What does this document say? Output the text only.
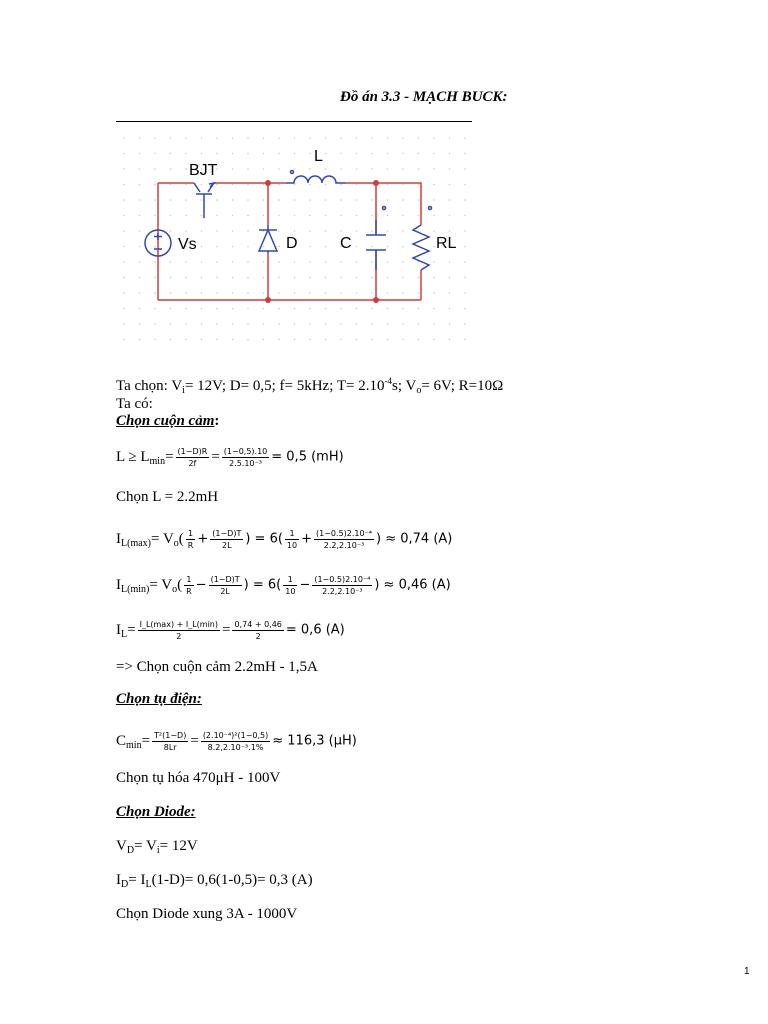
Đồ án 3.3 - MẠCH BUCK:
BJT
L
Vs	D	C	RL
Ta chọn: $V_i= 12V$; D= 0,5; f= 5kHz; $T= 2.10^{-4}s$; $V_o= 6V$; R=10Ω
Ta có:
Chọn cuộn cảm:
$L \ge L_{min}= \frac{(1-D)R}{2f} = \frac{(1-0,5).10}{\text{2.5.10⁻³}} = 0,5$ (mH)
Chọn L = 2.2mH
$I_{L(max)}= V_o( \frac{1}{R} + \frac{(1-D)T}{2L}$ ) = $6( \frac{1}{10} + \frac{\text{(1−0.5)2.10⁻⁴}}{\text{2.2,2.10⁻³}}$ ) ≈ 0,74 (A)
$I_{L(min)}= V_o( \frac{1}{R} - \frac{(1-D)T}{2L}$ ) = $6( \frac{1}{10} - \frac{\text{(1−0.5)2.10⁻⁴}}{\text{2.2,2.10⁻³}}$ ) ≈ 0,46 (A)
$I_L= \frac{I\_L(\max) + I\_L(\min)}{2} = \frac{0,74 + 0,46}{2} = 0,6$ (A)
=> Chọn cuộn cảm 2.2mH - 1,5A
Chọn tụ điện:
$C_{min}= \frac{\text{T²(1−D)}}{8Lr} = \frac{\text{(2.10⁻⁴)²(1−0,5)}}{\text{8.2,2.10⁻³.1\%}} \approx 116,3$ (μH)
Chọn tụ hóa 470μH - 100V
Chọn Diode:
$V_D= V_i= 12V$
$I_D= I_L(1-D)= 0,6(1-0,5)= 0,3$ (A)
Chọn Diode xung 3A - 1000V
1
